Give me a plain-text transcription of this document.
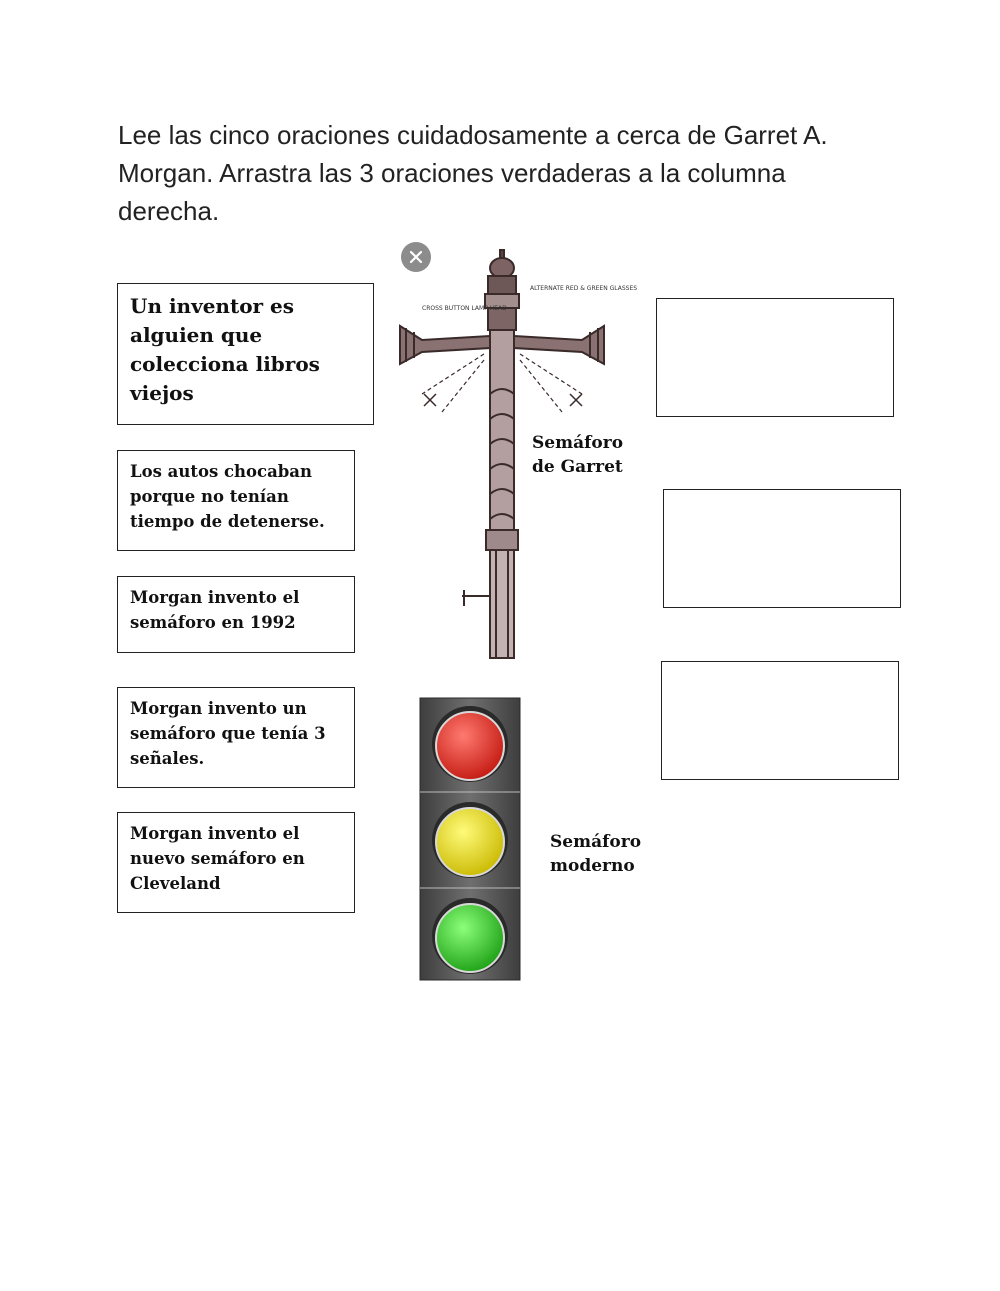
Lee las cinco oraciones cuidadosamente a cerca de Garret A. Morgan. Arrastra las 3 oraciones verdaderas a la columna derecha.

Un inventor es alguien que colecciona libros viejos
Los autos chocaban porque no tenían tiempo de detenerse.
Morgan invento el semáforo en 1992
Morgan invento un semáforo que tenía 3 señales.
Morgan invento el nuevo semáforo en Cleveland
ALTERNATE RED & GREEN GLASSES
CROSS BUTTON LAMP HEAD
Semáforo
de Garret
Semáforo
moderno
